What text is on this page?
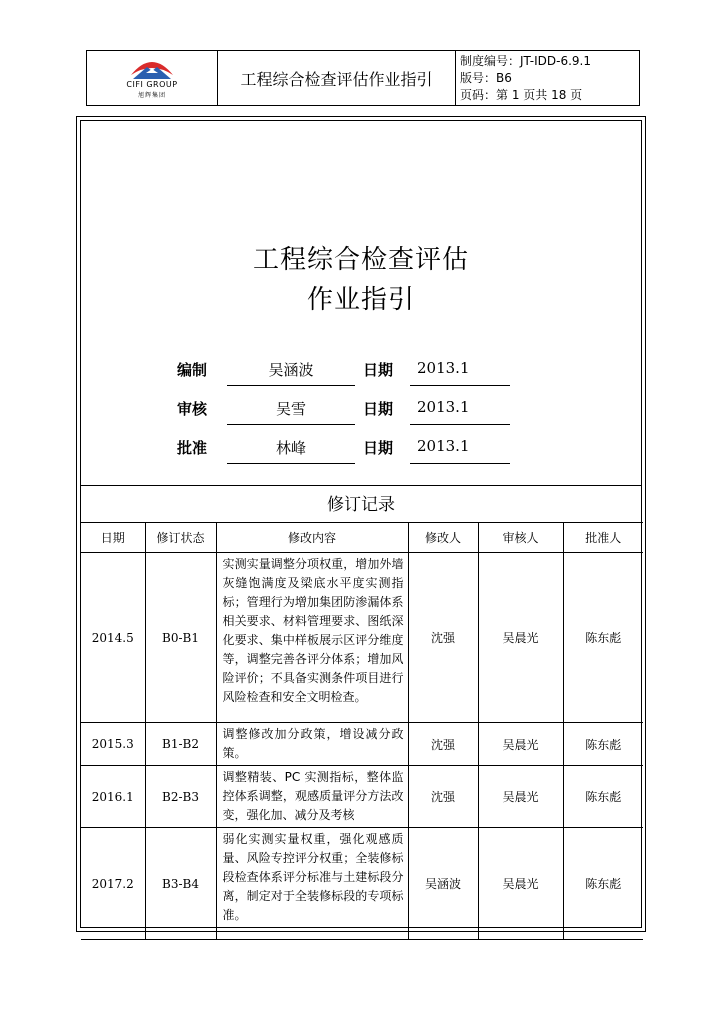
CIFI GROUP
旭辉集团
工程综合检查评估作业指引
制度编号：JT-IDD-6.9.1
版号：B6
页码：第 1 页共 18 页
工程综合检查评估
作业指引
编制	吴涵波	日期 2013.1
审核	吴雪	日期 2013.1
批准	林峰	日期 2013.1
修订记录
日期	修订状态	修改内容	修改人	审核人	批准人
2014.5	B0-B1	实测实量调整分项权重，增加外墙灰缝饱满度及梁底水平度实测指标；管理行为增加集团防渗漏体系相关要求、材料管理要求、图纸深化要求、集中样板展示区评分维度等，调整完善各评分体系；增加风险评价；不具备实测条件项目进行风险检查和安全文明检查。	沈强	吴晨光	陈东彪
2015.3	B1-B2	调整修改加分政策，增设减分政策。	沈强	吴晨光	陈东彪
2016.1	B2-B3	调整精装、PC 实测指标，整体监控体系调整，观感质量评分方法改变，强化加、减分及考核	沈强	吴晨光	陈东彪
2017.2	B3-B4	弱化实测实量权重，强化观感质量、风险专控评分权重；全装修标段检查体系评分标准与土建标段分离，制定对于全装修标段的专项标准。	吴涵波	吴晨光	陈东彪
